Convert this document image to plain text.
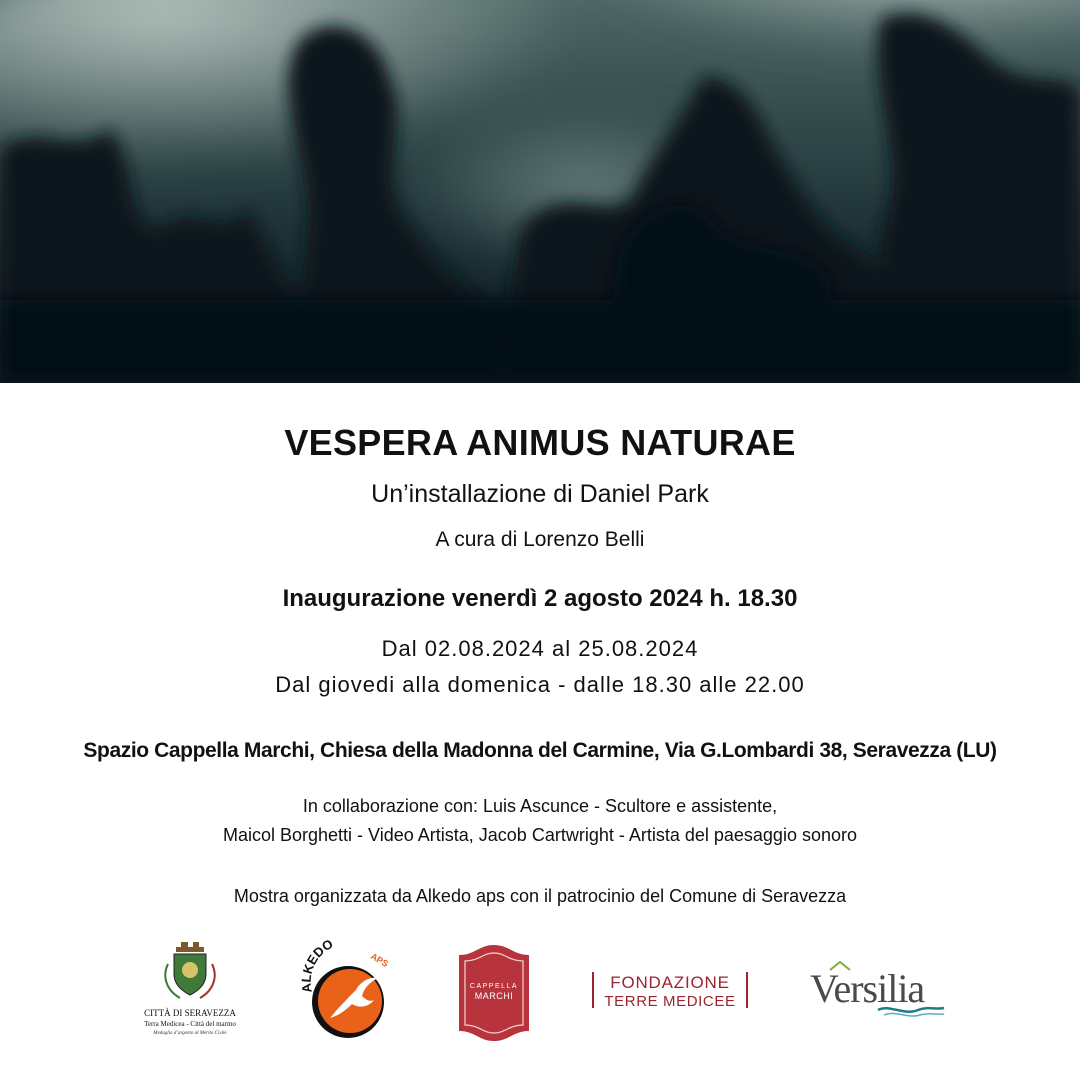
VESPERA ANIMUS NATURAE
Un’installazione di Daniel Park
A cura di Lorenzo Belli
Inaugurazione venerdì 2 agosto 2024 h. 18.30
Dal 02.08.2024 al 25.08.2024
Dal giovedi alla domenica - dalle 18.30 alle 22.00
Spazio Cappella Marchi, Chiesa della Madonna del Carmine, Via G.Lombardi 38, Seravezza (LU)
In collaborazione con: Luis Ascunce - Scultore e assistente,
Maicol Borghetti - Video Artista, Jacob Cartwright - Artista del paesaggio sonoro
Mostra organizzata da Alkedo aps con il patrocinio del Comune di Seravezza
CITTÀ DI SERAVEZZA
Terra Medicea - Città del marmo
Medaglia d’argento al Merito Civile
ALKEDO
APS
CAPPELLA
MARCHI
FONDAZIONE
TERRE MEDICEE Versilia
